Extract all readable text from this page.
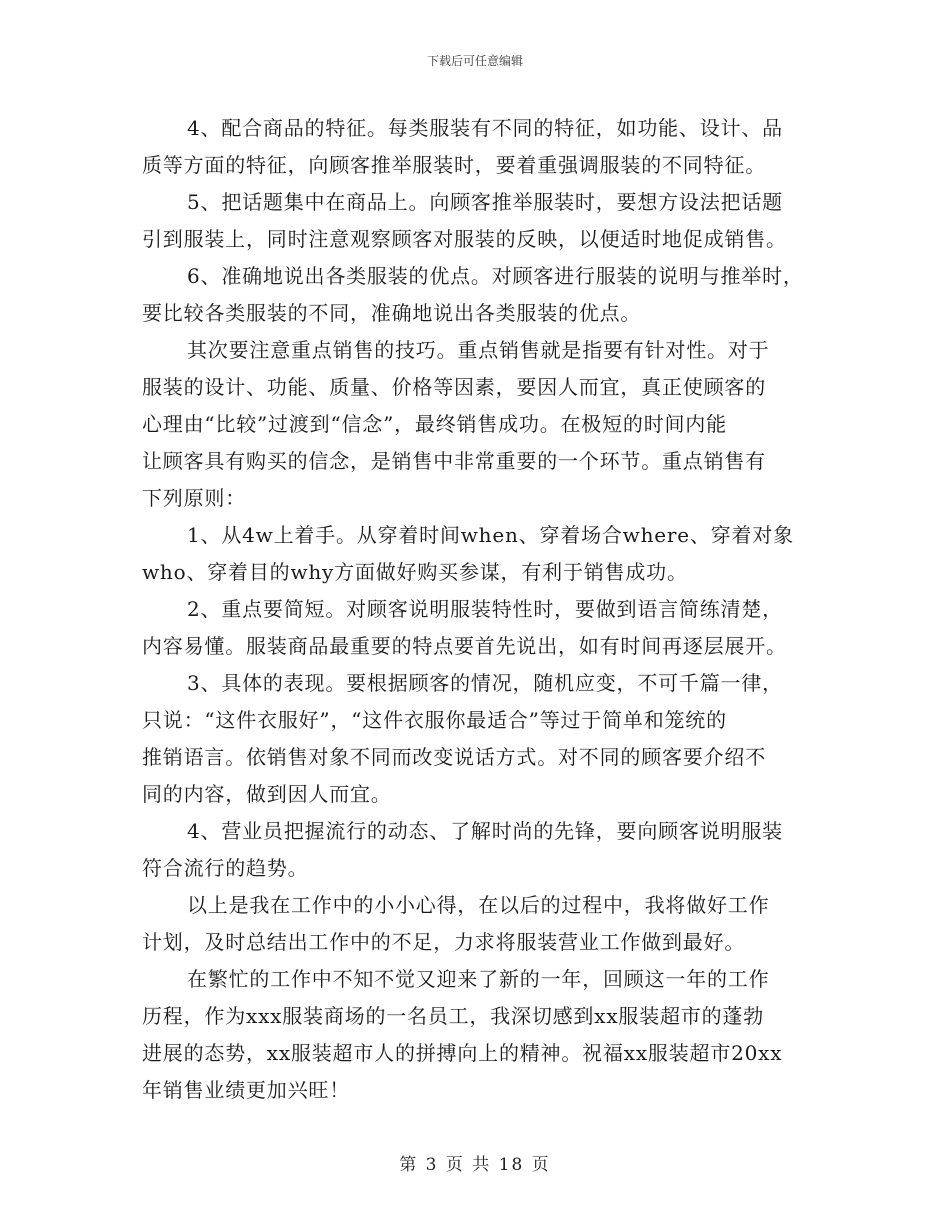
下载后可任意编辑

4、配合商品的特征。每类服装有不同的特征，如功能、设计、品
质等方面的特征，向顾客推举服装时，要着重强调服装的不同特征。

5、把话题集中在商品上。向顾客推举服装时，要想方设法把话题
引到服装上，同时注意观察顾客对服装的反映，以便适时地促成销售。

6、准确地说出各类服装的优点。对顾客进行服装的说明与推举时，
要比较各类服装的不同，准确地说出各类服装的优点。

其次要注意重点销售的技巧。重点销售就是指要有针对性。对于
服装的设计、功能、质量、价格等因素，要因人而宜，真正使顾客的
心理由“比较”过渡到“信念”，最终销售成功。在极短的时间内能
让顾客具有购买的信念，是销售中非常重要的一个环节。重点销售有
下列原则：

1、从4w上着手。从穿着时间when、穿着场合where、穿着对象
who、穿着目的why方面做好购买参谋，有利于销售成功。

2、重点要简短。对顾客说明服装特性时，要做到语言简练清楚，
内容易懂。服装商品最重要的特点要首先说出，如有时间再逐层展开。

3、具体的表现。要根据顾客的情况，随机应变，不可千篇一律，
只说：“这件衣服好”，“这件衣服你最适合”等过于简单和笼统的
推销语言。依销售对象不同而改变说话方式。对不同的顾客要介绍不
同的内容，做到因人而宜。

4、营业员把握流行的动态、了解时尚的先锋，要向顾客说明服装
符合流行的趋势。

以上是我在工作中的小小心得，在以后的过程中，我将做好工作
计划，及时总结出工作中的不足，力求将服装营业工作做到最好。

在繁忙的工作中不知不觉又迎来了新的一年，回顾这一年的工作
历程，作为xxx服装商场的一名员工，我深切感到xx服装超市的蓬勃
进展的态势，xx服装超市人的拼搏向上的精神。祝福xx服装超市20xx
年销售业绩更加兴旺！

第 3 页 共 18 页
